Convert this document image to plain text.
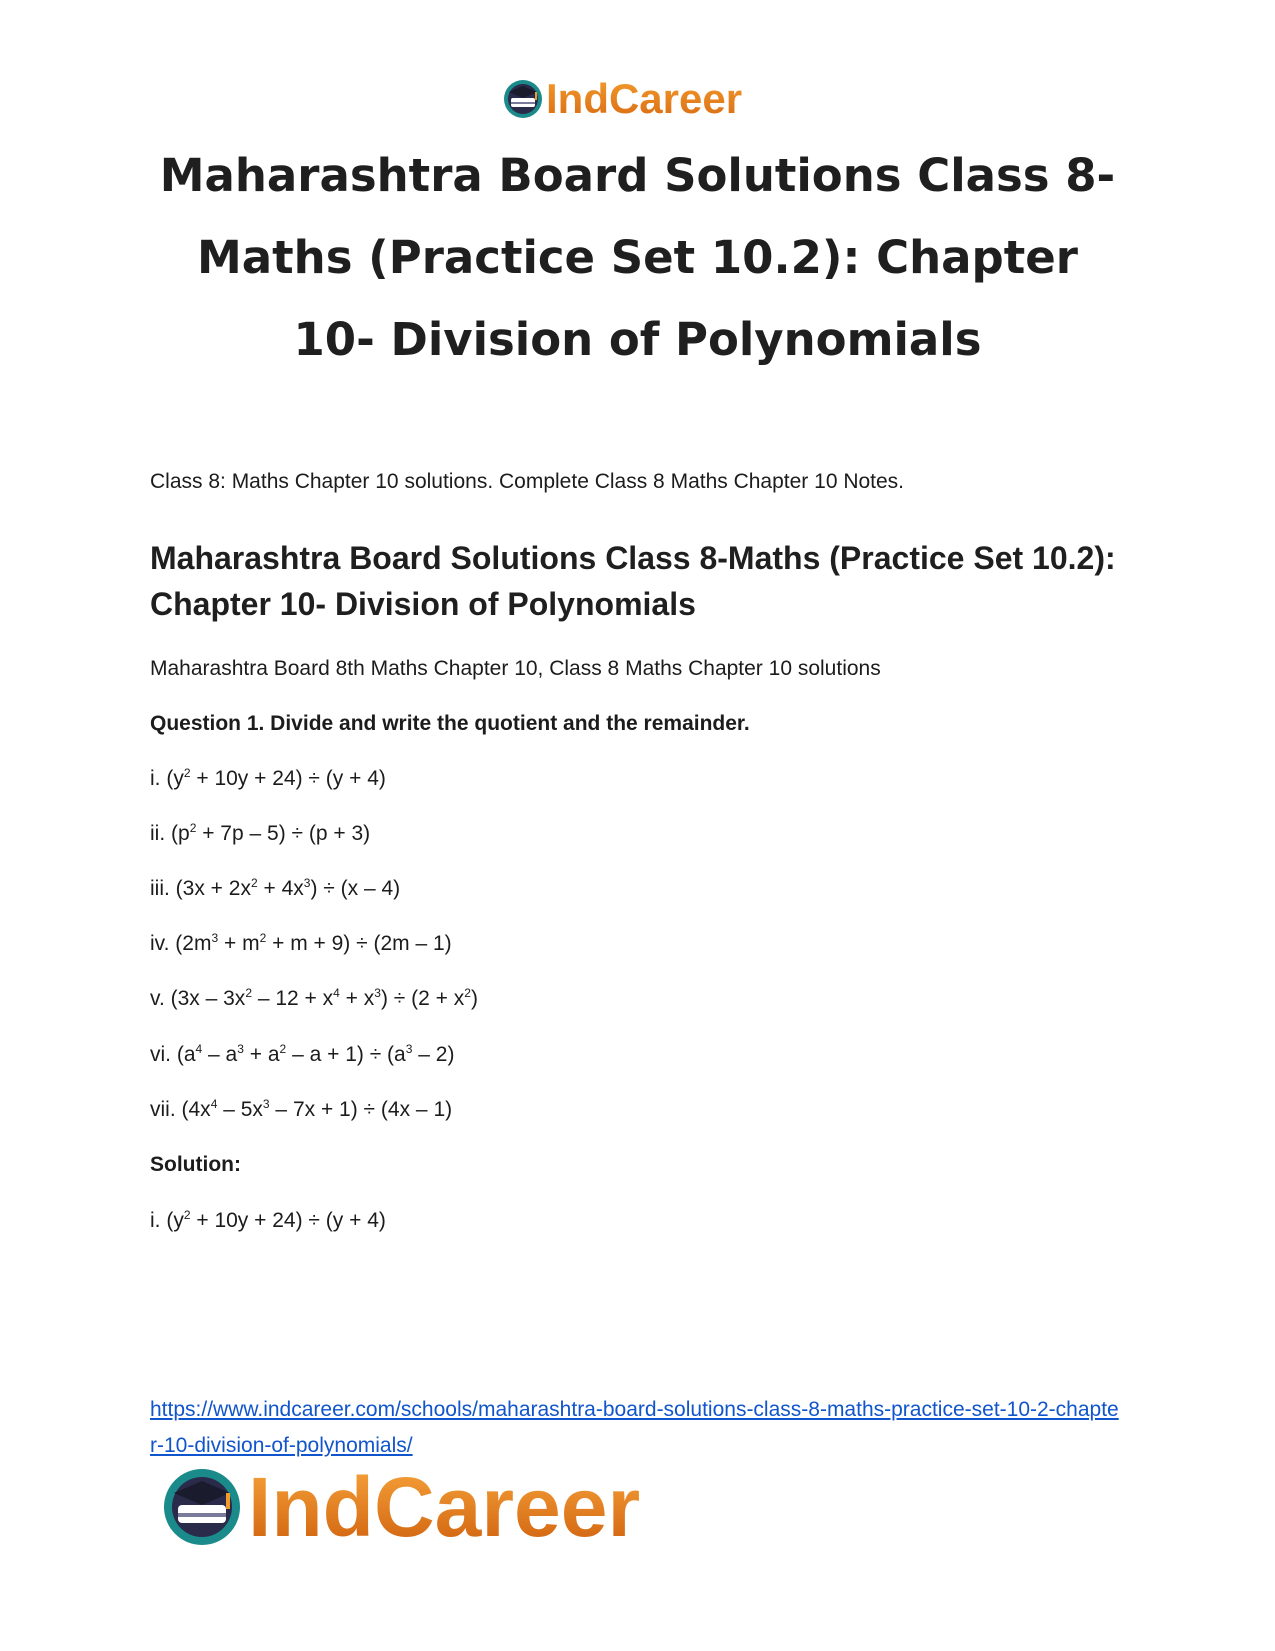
IndCareer
Maharashtra Board Solutions Class 8-Maths (Practice Set 10.2): Chapter 10- Division of Polynomials

Class 8: Maths Chapter 10 solutions. Complete Class 8 Maths Chapter 10 Notes.

Maharashtra Board Solutions Class 8-Maths (Practice Set 10.2): Chapter 10- Division of Polynomials

Maharashtra Board 8th Maths Chapter 10, Class 8 Maths Chapter 10 solutions

Question 1. Divide and write the quotient and the remainder.

i. $(y^2 + 10y + 24) \div (y + 4)$

ii. $(p^2 + 7p - 5) \div (p + 3)$

iii. $(3x + 2x^2 + 4x^3) \div (x - 4)$

iv. $(2m^3 + m^2 + m + 9) \div (2m - 1)$

v. $(3x - 3x^2 - 12 + x^4 + x^3) \div (2 + x^2)$

vi. $(a^4 - a^3 + a^2 - a + 1) \div (a^3 - 2)$

vii. $(4x^4 - 5x^3 - 7x + 1) \div (4x - 1)$

Solution:

i. $(y^2 + 10y + 24) \div (y + 4)$

https://www.indcareer.com/schools/maharashtra-board-solutions-class-8-maths-practice-set-10-2-chapter-10-division-of-polynomials/
IndCareer
